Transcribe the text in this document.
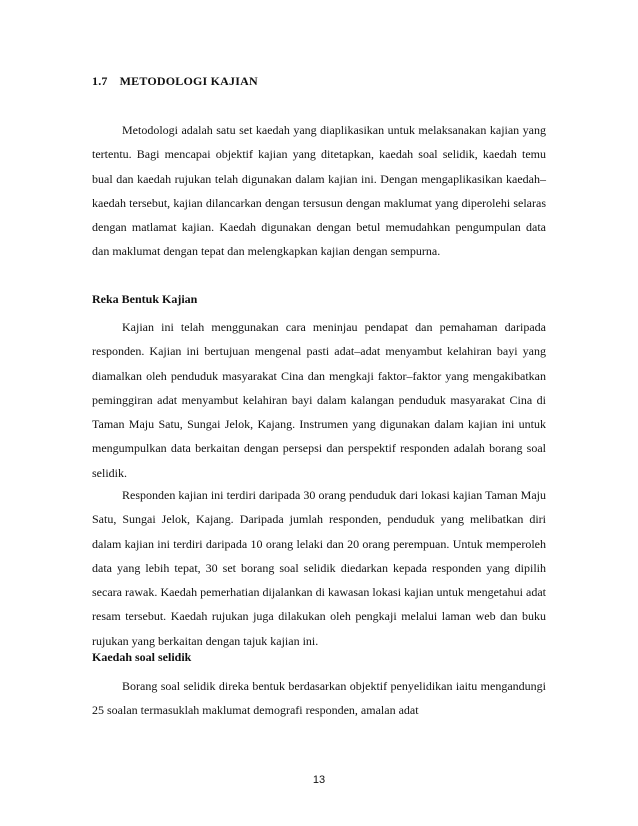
1.7 METODOLOGI KAJIAN

Metodologi adalah satu set kaedah yang diaplikasikan untuk melaksanakan kajian yang tertentu. Bagi mencapai objektif kajian yang ditetapkan, kaedah soal selidik, kaedah temu bual dan kaedah rujukan telah digunakan dalam kajian ini. Dengan mengaplikasikan kaedah–kaedah tersebut, kajian dilancarkan dengan tersusun dengan maklumat yang diperolehi selaras dengan matlamat kajian. Kaedah digunakan dengan betul memudahkan pengumpulan data dan maklumat dengan tepat dan melengkapkan kajian dengan sempurna.

Reka Bentuk Kajian

Kajian ini telah menggunakan cara meninjau pendapat dan pemahaman daripada responden. Kajian ini bertujuan mengenal pasti adat–adat menyambut kelahiran bayi yang diamalkan oleh penduduk masyarakat Cina dan mengkaji faktor–faktor yang mengakibatkan peminggiran adat menyambut kelahiran bayi dalam kalangan penduduk masyarakat Cina di Taman Maju Satu, Sungai Jelok, Kajang. Instrumen yang digunakan dalam kajian ini untuk mengumpulkan data berkaitan dengan persepsi dan perspektif responden adalah borang soal selidik.

Responden kajian ini terdiri daripada 30 orang penduduk dari lokasi kajian Taman Maju Satu, Sungai Jelok, Kajang. Daripada jumlah responden, penduduk yang melibatkan diri dalam kajian ini terdiri daripada 10 orang lelaki dan 20 orang perempuan. Untuk memperoleh data yang lebih tepat, 30 set borang soal selidik diedarkan kepada responden yang dipilih secara rawak. Kaedah pemerhatian dijalankan di kawasan lokasi kajian untuk mengetahui adat resam tersebut. Kaedah rujukan juga dilakukan oleh pengkaji melalui laman web dan buku rujukan yang berkaitan dengan tajuk kajian ini.

Kaedah soal selidik

Borang soal selidik direka bentuk berdasarkan objektif penyelidikan iaitu mengandungi 25 soalan termasuklah maklumat demografi responden, amalan adat

13
